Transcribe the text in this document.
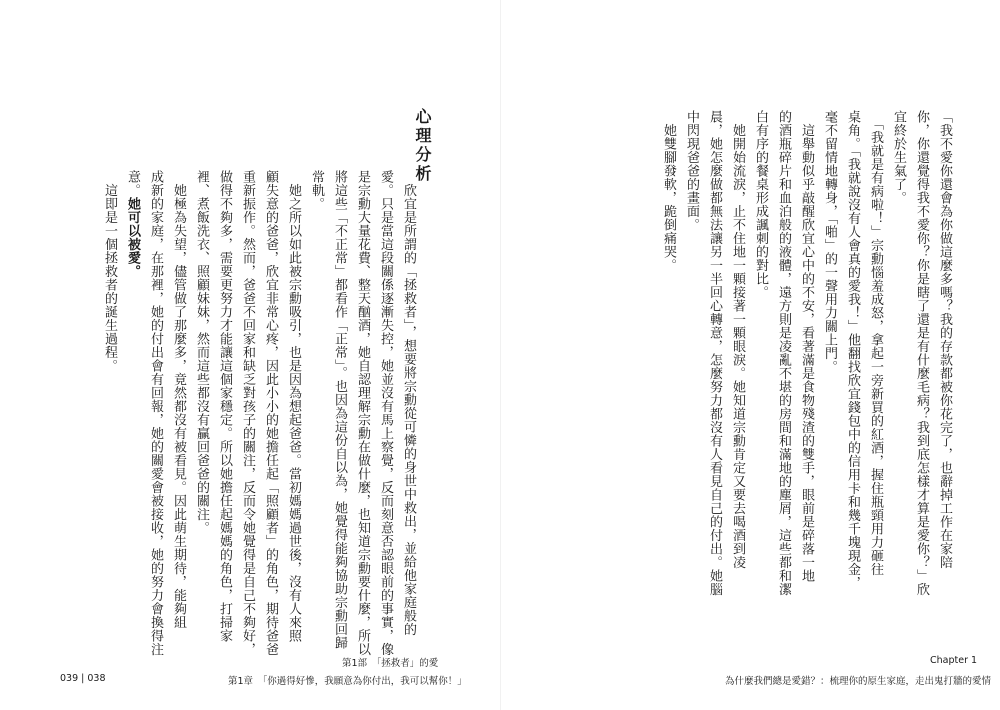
心理分析

　欣宜是所謂的「拯救者」，想要將宗勳從可憐的身世中救出，並給他家庭般的

愛。只是當這段關係逐漸失控，她並沒有馬上察覺，反而刻意否認眼前的事實，像

是宗勳大量花費、整天酗酒，她自認理解宗勳在做什麼，也知道宗勳要什麼，所以

將這些「不正常」都看作「正常」。也因為這份自以為，她覺得能夠協助宗勳回歸

常軌。

　她之所以如此被宗勳吸引，也是因為想起爸爸。當初媽媽過世後，沒有人來照

顧失意的爸爸，欣宜非常心疼，因此小小的她擔任起「照顧者」的角色，期待爸爸

重新振作。然而，爸爸不回家和缺乏對孩子的關注，反而令她覺得是自己不夠好，

做得不夠多，需要更努力才能讓這個家穩定。所以她擔任起媽媽的角色，打掃家

裡、煮飯洗衣、照顧妹妹，然而這些都沒有贏回爸爸的關注。

　她極為失望，儘管做了那麼多，竟然都沒有被看見。因此萌生期待，能夠組

成新的家庭，在那裡，她的付出會有回報，她的關愛會被接收，她的努力會換得注

意。她可以被愛。

　這即是一個拯救者的誕生過程。

第1部　「拯救者」的愛
第1章　「你過得好慘，我願意為你付出，我可以幫你！」
039 | 038

「我不愛你還會為你做這麼多嗎？我的存款都被你花完了，也辭掉工作在家陪

你，你還覺得我不愛你？你是瞎了還是有什麼毛病？我到底怎樣才算是愛你？」欣

宜終於生氣了。

　「我就是有病啦！」宗勳惱羞成怒，拿起一旁新買的紅酒，握住瓶頸用力砸往

桌角。「我就說沒有人會真的愛我！」他翻找欣宜錢包中的信用卡和幾千塊現金，

毫不留情地轉身，「啪」的一聲用力關上門。

　這舉動似乎敲醒欣宜心中的不安，看著滿是食物殘渣的雙手，眼前是碎落一地

的酒瓶碎片和血泊般的液體，遠方則是凌亂不堪的房間和滿地的塵屑，這些都和潔

白有序的餐桌形成諷刺的對比。

　她開始流淚，止不住地一顆接著一顆眼淚。她知道宗勳肯定又要去喝酒到凌

晨，她怎麼做都無法讓另一半回心轉意，怎麼努力都沒有人看見自己的付出。她腦

中閃現爸爸的畫面。

　她雙腳發軟，跪倒痛哭。

Chapter 1
為什麼我們總是愛錯？：梳理你的原生家庭，走出鬼打牆的愛情
